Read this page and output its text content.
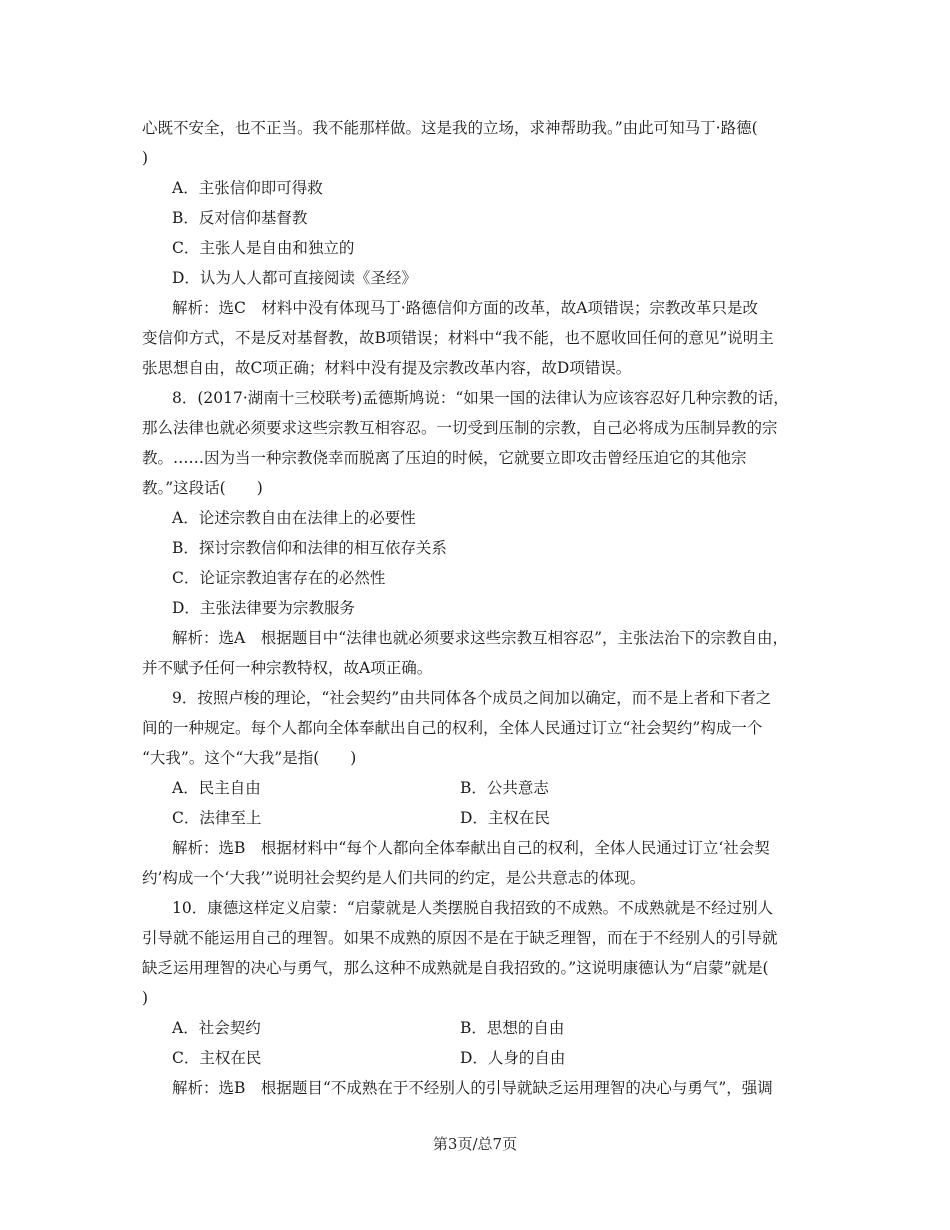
心既不安全，也不正当。我不能那样做。这是我的立场，求神帮助我。”由此可知马丁·路德(

)

A．主张信仰即可得救

B．反对信仰基督教

C．主张人是自由和独立的

D．认为人人都可直接阅读《圣经》

解析：选C　材料中没有体现马丁·路德信仰方面的改革，故A项错误；宗教改革只是改

变信仰方式，不是反对基督教，故B项错误；材料中“我不能，也不愿收回任何的意见”说明主

张思想自由，故C项正确；材料中没有提及宗教改革内容，故D项错误。

8．(2017·湖南十三校联考)孟德斯鸠说：“如果一国的法律认为应该容忍好几种宗教的话，

那么法律也就必须要求这些宗教互相容忍。一切受到压制的宗教，自己必将成为压制异教的宗

教。……因为当一种宗教侥幸而脱离了压迫的时候，它就要立即攻击曾经压迫它的其他宗

教。”这段话(　　)

A．论述宗教自由在法律上的必要性

B．探讨宗教信仰和法律的相互依存关系

C．论证宗教迫害存在的必然性

D．主张法律要为宗教服务

解析：选A　根据题目中“法律也就必须要求这些宗教互相容忍”，主张法治下的宗教自由，

并不赋予任何一种宗教特权，故A项正确。

9．按照卢梭的理论，“社会契约”由共同体各个成员之间加以确定，而不是上者和下者之

间的一种规定。每个人都向全体奉献出自己的权利，全体人民通过订立“社会契约”构成一个

“大我”。这个“大我”是指(　　)

A．民主自由	B．公共意志
C．法律至上	D．主权在民

解析：选B　根据材料中“每个人都向全体奉献出自己的权利，全体人民通过订立‘社会契

约’构成一个‘大我’”说明社会契约是人们共同的约定，是公共意志的体现。

10．康德这样定义启蒙：“启蒙就是人类摆脱自我招致的不成熟。不成熟就是不经过别人

引导就不能运用自己的理智。如果不成熟的原因不是在于缺乏理智，而在于不经别人的引导就

缺乏运用理智的决心与勇气，那么这种不成熟就是自我招致的。”这说明康德认为“启蒙”就是(

)

A．社会契约	B．思想的自由
C．主权在民	D．人身的自由

解析：选B　根据题目“不成熟在于不经别人的引导就缺乏运用理智的决心与勇气”，强调

第3页/总7页
